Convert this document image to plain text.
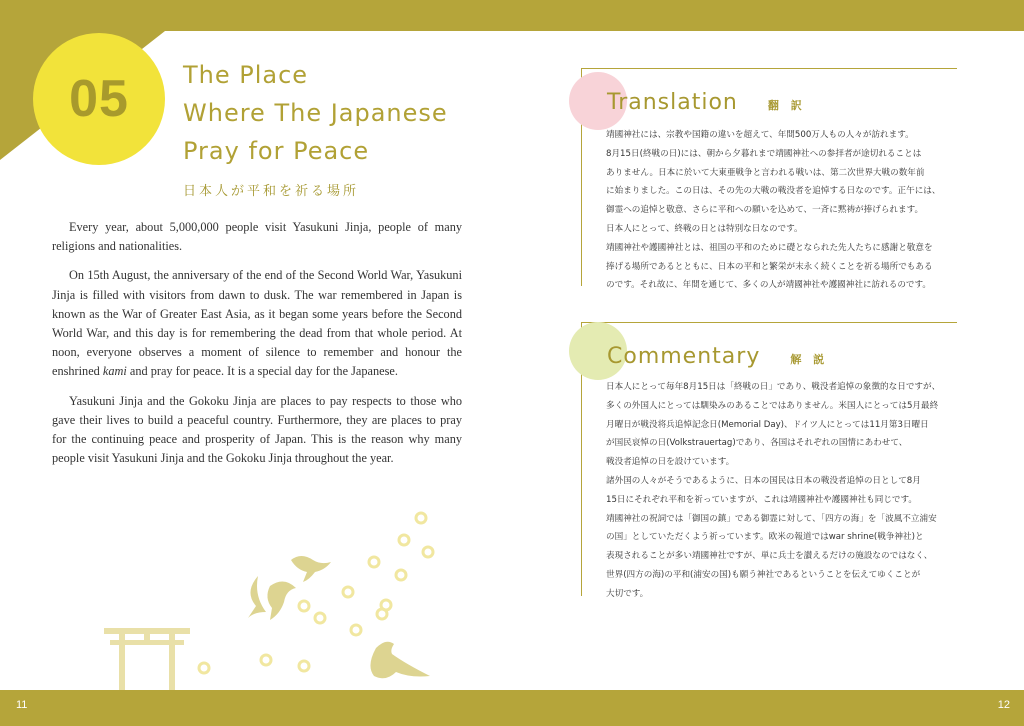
05 The Place
Where The Japanese
Pray for Peace
日本人が平和を祈る場所

Every year, about 5,000,000 people visit Yasukuni Jinja, people of many religions and nationalities.

On 15th August, the anniversary of the end of the Second World War, Yasukuni Jinja is filled with visitors from dawn to dusk. The war remembered in Japan is known as the War of Greater East Asia, as it began some years before the Second World War, and this day is for remembering the dead from that whole period. At noon, everyone observes a moment of silence to remember and honour the enshrined kami and pray for peace. It is a special day for the Japanese.

Yasukuni Jinja and the Gokoku Jinja are places to pay respects to those who gave their lives to build a peaceful country. Furthermore, they are places to pray for the continuing peace and prosperity of Japan. This is the reason why many people visit Yasukuni Jinja and the Gokoku Jinja throughout the year.

Translation	翻 訳
靖國神社には、宗教や国籍の違いを超えて、年間500万人もの人々が訪れます。
8月15日(終戦の日)には、朝から夕暮れまで靖國神社への参拝者が途切れることは
ありません。日本に於いて大東亜戦争と言われる戦いは、第二次世界大戦の数年前
に始まりました。この日は、その先の大戦の戦没者を追悼する日なのです。正午には、
御霊への追悼と敬意、さらに平和への願いを込めて、一斉に黙祷が捧げられます。
日本人にとって、終戦の日とは特別な日なのです。
靖國神社や護國神社とは、祖国の平和のために礎となられた先人たちに感謝と敬意を
捧げる場所であるとともに、日本の平和と繁栄が末永く続くことを祈る場所でもある
のです。それ故に、年間を通じて、多くの人が靖國神社や護國神社に訪れるのです。
Commentary	解 説
日本人にとって毎年8月15日は「終戦の日」であり、戦没者追悼の象徴的な日ですが、
多くの外国人にとっては馴染みのあることではありません。米国人にとっては5月最終
月曜日が戦没将兵追悼記念日(Memorial Day)、ドイツ人にとっては11月第3日曜日
が国民哀悼の日(Volkstrauertag)であり、各国はそれぞれの国情にあわせて、
戦没者追悼の日を設けています。
諸外国の人々がそうであるように、日本の国民は日本の戦没者追悼の日として8月
15日にそれぞれ平和を祈っていますが、これは靖國神社や護國神社も同じです。
靖國神社の祝詞では「御国の鎮」である御霊に対して、「四方の海」を「波風不立浦安
の国」としていただくよう祈っています。欧米の報道ではwar shrine(戦争神社)と
表現されることが多い靖國神社ですが、単に兵士を讃えるだけの施設なのではなく、
世界(四方の海)の平和(浦安の国)も願う神社であるということを伝えてゆくことが
大切です。
11	12
